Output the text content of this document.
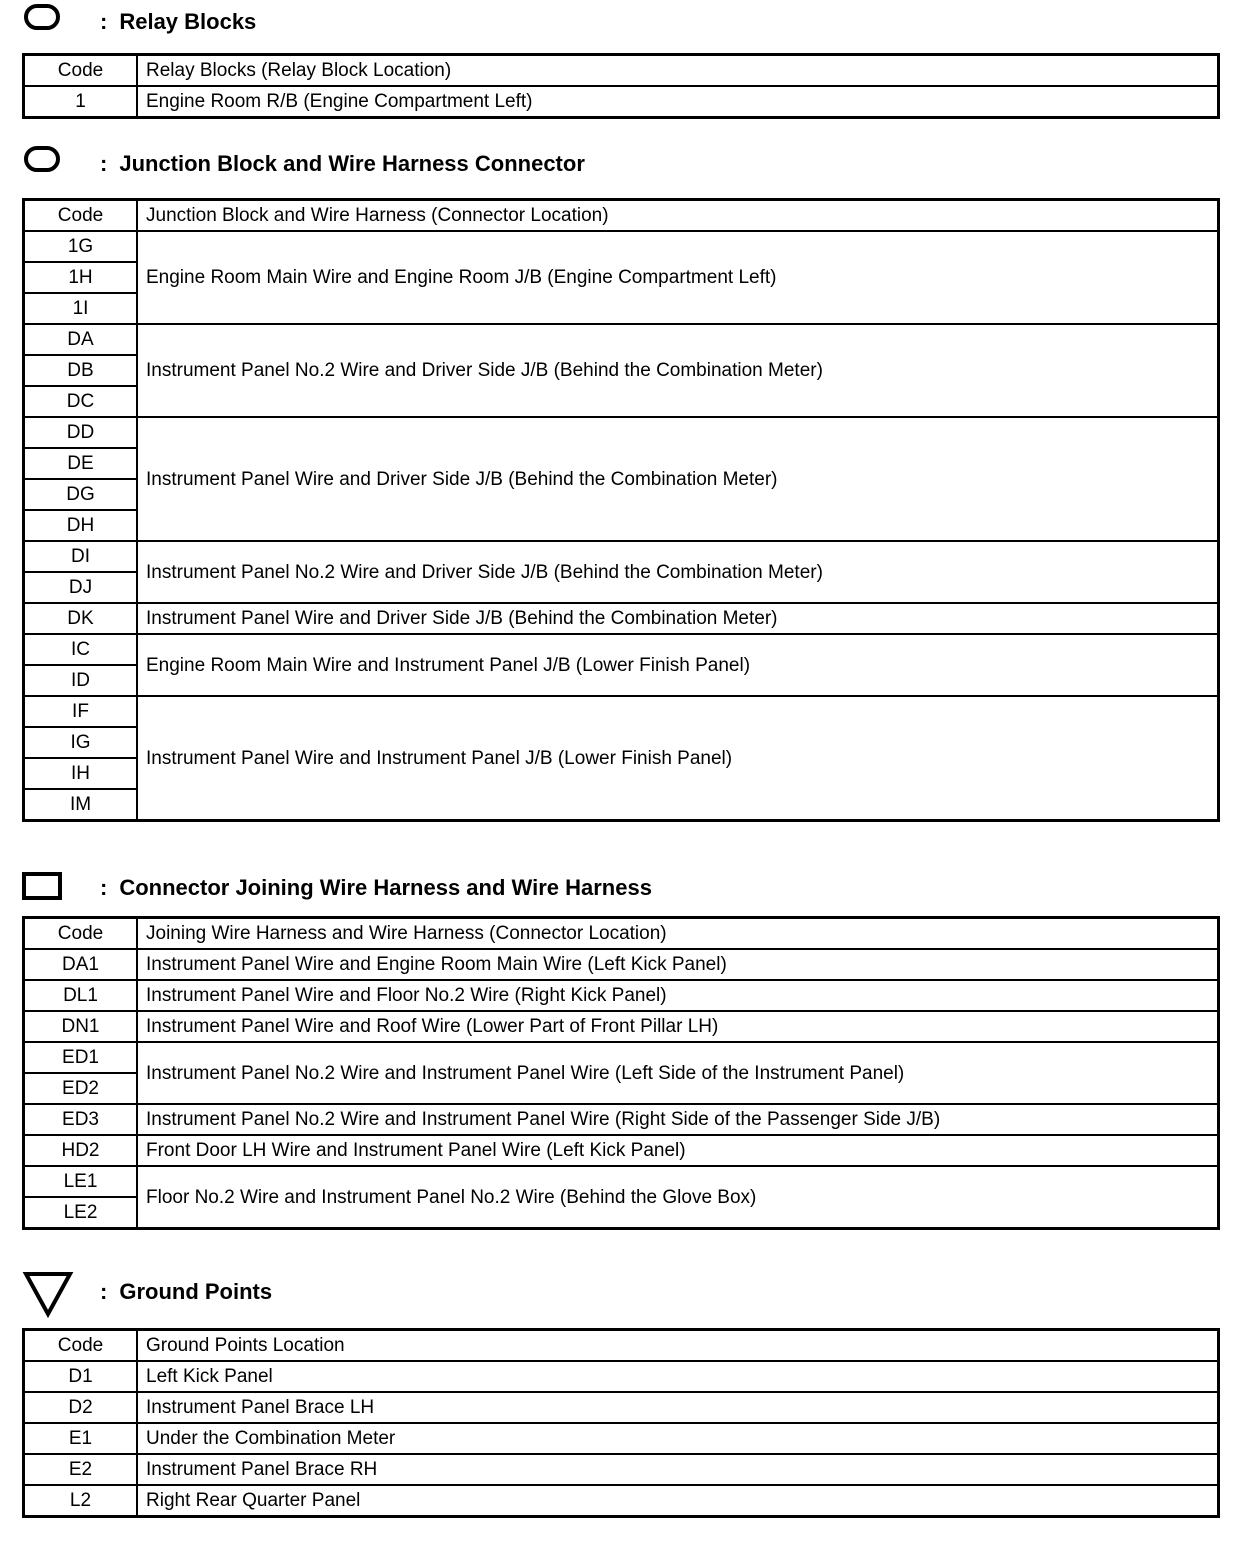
: Relay Blocks
Code	Relay Blocks (Relay Block Location)
1	Engine Room R/B (Engine Compartment Left)
: Junction Block and Wire Harness Connector
Code	Junction Block and Wire Harness (Connector Location)
1G	Engine Room Main Wire and Engine Room J/B (Engine Compartment Left)
1H	
1I	
DA	Instrument Panel No.2 Wire and Driver Side J/B (Behind the Combination Meter)
DB	
DC	
DD	Instrument Panel Wire and Driver Side J/B (Behind the Combination Meter)
DE	
DG	
DH	
DI	Instrument Panel No.2 Wire and Driver Side J/B (Behind the Combination Meter)
DJ	
DK	Instrument Panel Wire and Driver Side J/B (Behind the Combination Meter)
IC	Engine Room Main Wire and Instrument Panel J/B (Lower Finish Panel)
ID	
IF	Instrument Panel Wire and Instrument Panel J/B (Lower Finish Panel)
IG	
IH	
IM	
: Connector Joining Wire Harness and Wire Harness
Code	Joining Wire Harness and Wire Harness (Connector Location)
DA1	Instrument Panel Wire and Engine Room Main Wire (Left Kick Panel)
DL1	Instrument Panel Wire and Floor No.2 Wire (Right Kick Panel)
DN1	Instrument Panel Wire and Roof Wire (Lower Part of Front Pillar LH)
ED1	Instrument Panel No.2 Wire and Instrument Panel Wire (Left Side of the Instrument Panel)
ED2	
ED3	Instrument Panel No.2 Wire and Instrument Panel Wire (Right Side of the Passenger Side J/B)
HD2	Front Door LH Wire and Instrument Panel Wire (Left Kick Panel)
LE1	Floor No.2 Wire and Instrument Panel No.2 Wire (Behind the Glove Box)
LE2	
: Ground Points
Code	Ground Points Location
D1	Left Kick Panel
D2	Instrument Panel Brace LH
E1	Under the Combination Meter
E2	Instrument Panel Brace RH
L2	Right Rear Quarter Panel
